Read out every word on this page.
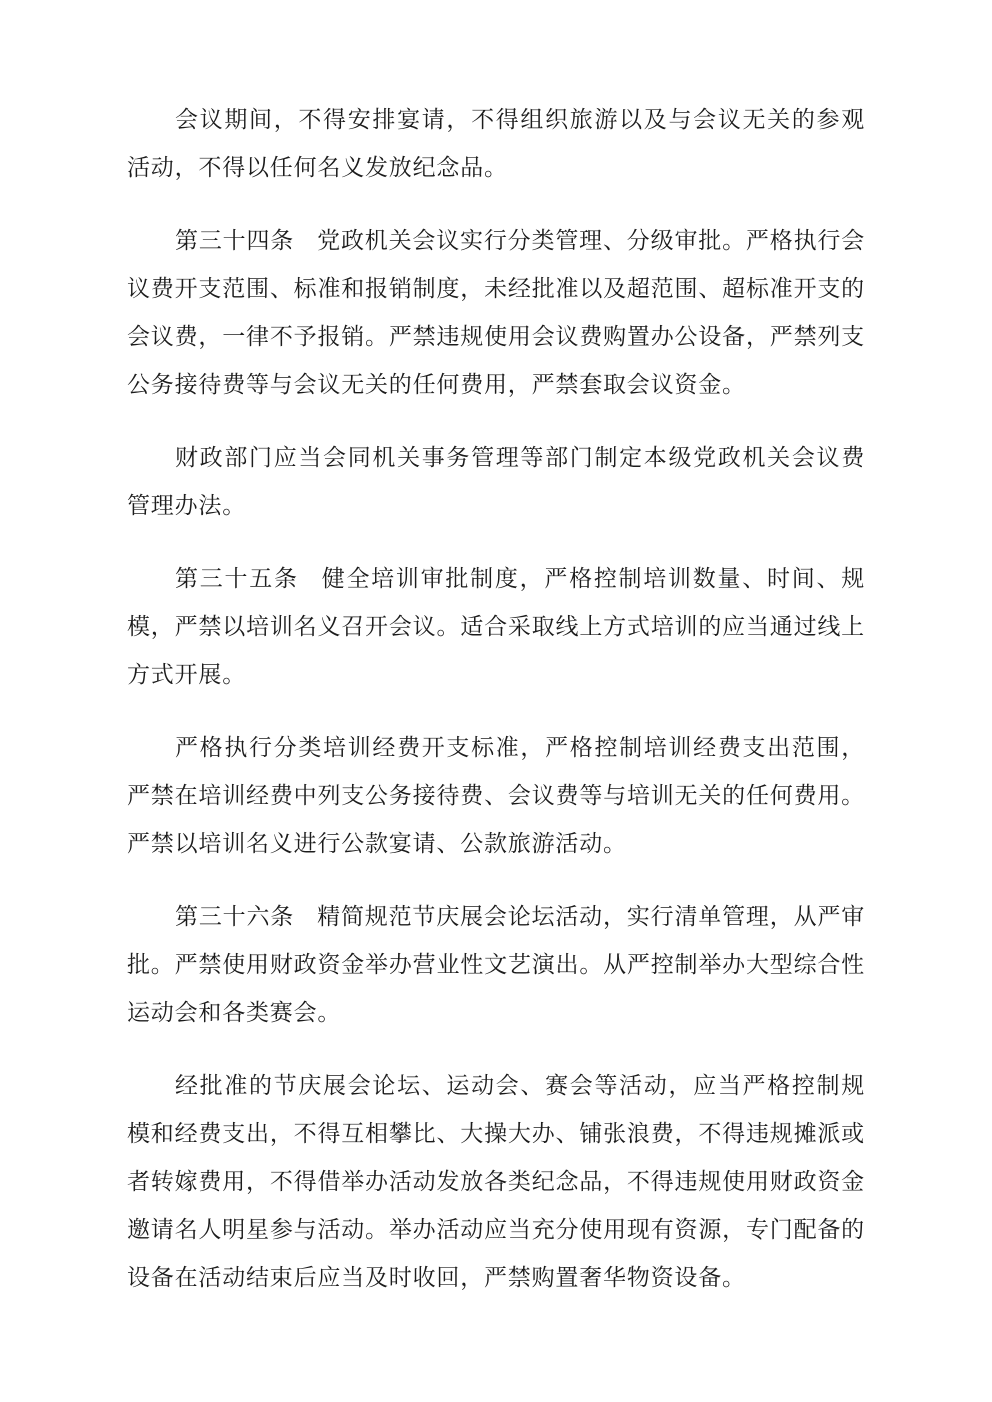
会议期间，不得安排宴请，不得组织旅游以及与会议无关的参观活动，不得以任何名义发放纪念品。

第三十四条 党政机关会议实行分类管理、分级审批。严格执行会议费开支范围、标准和报销制度，未经批准以及超范围、超标准开支的会议费，一律不予报销。严禁违规使用会议费购置办公设备，严禁列支公务接待费等与会议无关的任何费用，严禁套取会议资金。

财政部门应当会同机关事务管理等部门制定本级党政机关会议费管理办法。

第三十五条 健全培训审批制度，严格控制培训数量、时间、规模，严禁以培训名义召开会议。适合采取线上方式培训的应当通过线上方式开展。

严格执行分类培训经费开支标准，严格控制培训经费支出范围，严禁在培训经费中列支公务接待费、会议费等与培训无关的任何费用。严禁以培训名义进行公款宴请、公款旅游活动。

第三十六条 精简规范节庆展会论坛活动，实行清单管理，从严审批。严禁使用财政资金举办营业性文艺演出。从严控制举办大型综合性运动会和各类赛会。

经批准的节庆展会论坛、运动会、赛会等活动，应当严格控制规模和经费支出，不得互相攀比、大操大办、铺张浪费，不得违规摊派或者转嫁费用，不得借举办活动发放各类纪念品，不得违规使用财政资金邀请名人明星参与活动。举办活动应当充分使用现有资源，专门配备的设备在活动结束后应当及时收回，严禁购置奢华物资设备。
